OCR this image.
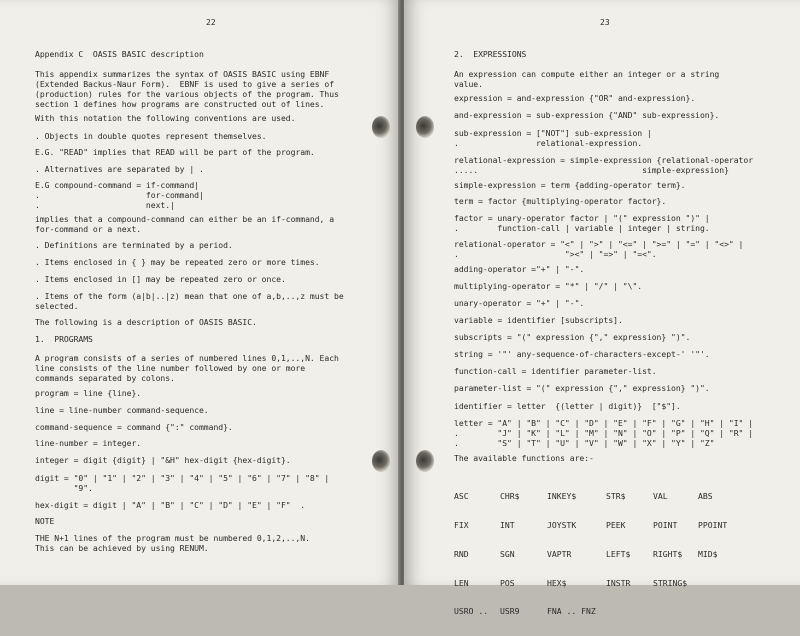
22
Appendix C  OASIS BASIC description
This appendix summarizes the syntax of OASIS BASIC using EBNF
(Extended Backus-Naur Form).  EBNF is used to give a series of
(production) rules for the various objects of the program. Thus
section 1 defines how programs are constructed out of lines.
With this notation the following conventions are used.
. Objects in double quotes represent themselves.
E.G. "READ" implies that READ will be part of the program.
. Alternatives are separated by | .
E.G compound-command = if-command|
.                      for-command|
.                      next.|
implies that a compound-command can either be an if-command, a
for-command or a next.
. Definitions are terminated by a period.
. Items enclosed in { } may be repeated zero or more times.
. Items enclosed in [] may be repeated zero or once.
. Items of the form (a|b|..|z) mean that one of a,b,..,z must be
selected.
The following is a description of OASIS BASIC.
1.  PROGRAMS
A program consists of a series of numbered lines 0,1,..,N. Each
line consists of the line number followed by one or more
commands separated by colons.
program = line {line}.
line = line-number command-sequence.
command-sequence = command {":" command}.
line-number = integer.
integer = digit {digit} | "&H" hex-digit {hex-digit}.
digit = "0" | "1" | "2" | "3" | "4" | "5" | "6" | "7" | "8" |
"9".
hex-digit = digit | "A" | "B" | "C" | "D" | "E" | "F"  .
NOTE
THE N+1 lines of the program must be numbered 0,1,2,..,N.
This can be achieved by using RENUM.
23
2.  EXPRESSIONS
An expression can compute either an integer or a string
value.
expression = and-expression {"OR" and-expression}.
and-expression = sub-expression {"AND" sub-expression}.
sub-expression = ["NOT"] sub-expression |
.                relational-expression.
relational-expression = simple-expression {relational-operator
.....                                  simple-expression}
simple-expression = term {adding-operator term}.
term = factor {multiplying-operator factor}.
factor = unary-operator factor | "(" expression ")" |
.        function-call | variable | integer | string.
relational-operator = "<" | ">" | "<=" | ">=" | "=" | "<>" |
.                      "><" | "=>" | "=<".
adding-operator ="+" | "-".
multiplying-operator = "*" | "/" | "\".
unary-operator = "+" | "-".
variable = identifier [subscripts].
subscripts = "(" expression {"," expression} ")".
string = '"' any-sequence-of-characters-except-' '"'.
function-call = identifier parameter-list.
parameter-list = "(" expression {"," expression} ")".
identifier = letter  {(letter | digit)}  ["$"].
letter = "A" | "B" | "C" | "D" | "E" | "F" | "G" | "H" | "I" |
.        "J" | "K" | "L" | "M" | "N" | "O" | "P" | "Q" | "R" |
.        "S" | "T" | "U" | "V" | "W" | "X" | "Y" | "Z"
The available functions are:-

ASC

FIX

RND

LEN

USRO ..

CHR$

INT

SGN

POS

USR9

INKEY$

JOYSTK

VAPTR

HEX$

FNA .. FNZ

STR$

PEEK

LEFT$

INSTR

VAL

POINT

RIGHT$

STRING$

ABS

PPOINT

MID$
